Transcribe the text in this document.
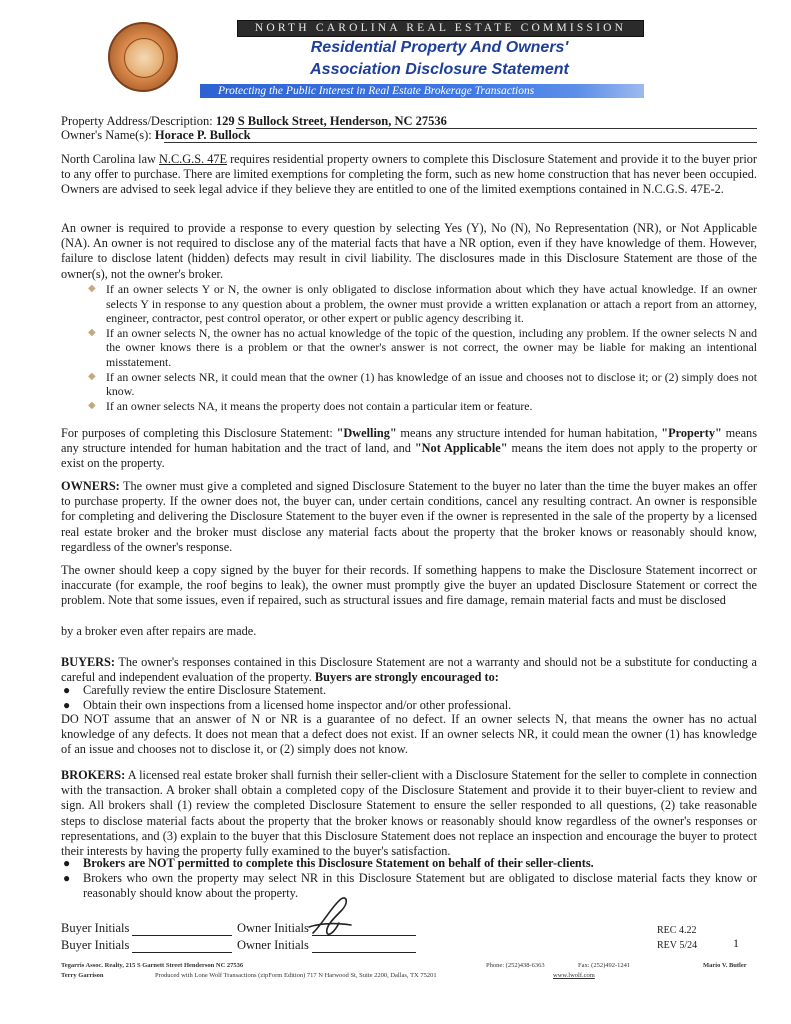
NORTH CAROLINA REAL ESTATE COMMISSION
Residential Property And Owners'
Association Disclosure Statement
Protecting the Public Interest in Real Estate Brokerage Transactions
Property Address/Description: 129 S Bullock Street, Henderson, NC 27536
Owner's Name(s): Horace P. Bullock

North Carolina law N.C.G.S. 47E requires residential property owners to complete this Disclosure Statement and provide it to the buyer prior to any offer to purchase. There are limited exemptions for completing the form, such as new home construction that has never been occupied. Owners are advised to seek legal advice if they believe they are entitled to one of the limited exemptions contained in N.C.G.S. 47E-2.

An owner is required to provide a response to every question by selecting Yes (Y), No (N), No Representation (NR), or Not Applicable (NA). An owner is not required to disclose any of the material facts that have a NR option, even if they have knowledge of them. However, failure to disclose latent (hidden) defects may result in civil liability. The disclosures made in this Disclosure Statement are those of the owner(s), not the owner's broker.

◆ If an owner selects Y or N, the owner is only obligated to disclose information about which they have actual knowledge. If an owner selects Y in response to any question about a problem, the owner must provide a written explanation or attach a report from an attorney, engineer, contractor, pest control operator, or other expert or public agency describing it.
◆ If an owner selects N, the owner has no actual knowledge of the topic of the question, including any problem. If the owner selects N and the owner knows there is a problem or that the owner's answer is not correct, the owner may be liable for making an intentional misstatement.
◆ If an owner selects NR, it could mean that the owner (1) has knowledge of an issue and chooses not to disclose it; or (2) simply does not know.
◆ If an owner selects NA, it means the property does not contain a particular item or feature.

For purposes of completing this Disclosure Statement: "Dwelling" means any structure intended for human habitation, "Property" means any structure intended for human habitation and the tract of land, and "Not Applicable" means the item does not apply to the property or exist on the property.

OWNERS: The owner must give a completed and signed Disclosure Statement to the buyer no later than the time the buyer makes an offer to purchase property. If the owner does not, the buyer can, under certain conditions, cancel any resulting contract. An owner is responsible for completing and delivering the Disclosure Statement to the buyer even if the owner is represented in the sale of the property by a licensed real estate broker and the broker must disclose any material facts about the property that the broker knows or reasonably should know, regardless of the owner's response.

The owner should keep a copy signed by the buyer for their records. If something happens to make the Disclosure Statement incorrect or inaccurate (for example, the roof begins to leak), the owner must promptly give the buyer an updated Disclosure Statement or correct the problem. Note that some issues, even if repaired, such as structural issues and fire damage, remain material facts and must be disclosed

by a broker even after repairs are made.

BUYERS: The owner's responses contained in this Disclosure Statement are not a warranty and should not be a substitute for conducting a careful and independent evaluation of the property. Buyers are strongly encouraged to:

● Carefully review the entire Disclosure Statement.
● Obtain their own inspections from a licensed home inspector and/or other professional.

DO NOT assume that an answer of N or NR is a guarantee of no defect. If an owner selects N, that means the owner has no actual knowledge of any defects. It does not mean that a defect does not exist. If an owner selects NR, it could mean the owner (1) has knowledge of an issue and chooses not to disclose it, or (2) simply does not know.

BROKERS: A licensed real estate broker shall furnish their seller-client with a Disclosure Statement for the seller to complete in connection with the transaction. A broker shall obtain a completed copy of the Disclosure Statement and provide it to their buyer-client to review and sign. All brokers shall (1) review the completed Disclosure Statement to ensure the seller responded to all questions, (2) take reasonable steps to disclose material facts about the property that the broker knows or reasonably should know regardless of the owner's responses or representations, and (3) explain to the buyer that this Disclosure Statement does not replace an inspection and encourage the buyer to protect their interests by having the property fully examined to the buyer's satisfaction.

● Brokers are NOT permitted to complete this Disclosure Statement on behalf of their seller-clients.
● Brokers who own the property may select NR in this Disclosure Statement but are obligated to disclose material facts they know or reasonably should know about the property.
Buyer Initials	Owner Initials
Buyer Initials	Owner Initials
REC 4.22
REV 5/24	1
Tegarris Assoc. Realty, 215 S Garnett Street Henderson NC 27536	Phone: (252)438-6363	Fax: (252)492-1241	Mario V. Butler
Terry Garrison	Produced with Lone Wolf Transactions (zipForm Edition) 717 N Harwood St, Suite 2200, Dallas, TX 75201	www.lwolf.com
